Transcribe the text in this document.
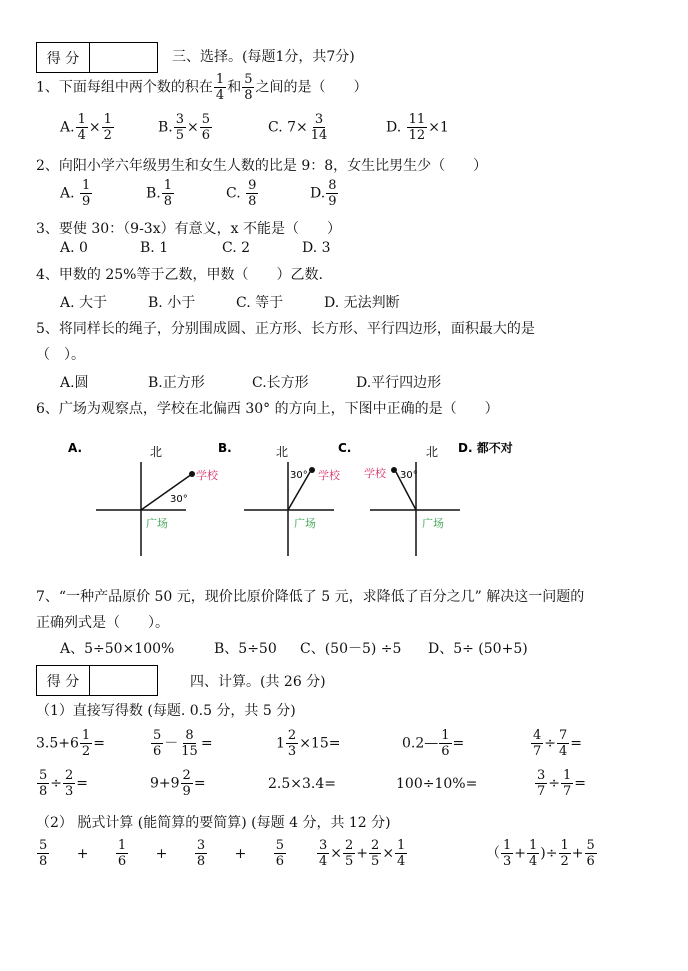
得 分	三、选择。(每题1分，共7分)
1、下面每组中两个数的积在 $\frac{1}{4}$ 和 $\frac{5}{8}$ 之间的是（　　）
A. $\frac{1}{4} \times \frac{1}{2}$	B. $\frac{3}{5} \times \frac{5}{6}$	C. $7\times \frac{3}{14}$	D. $\frac{11}{12} \times 1$
2、向阳小学六年级男生和女生人数的比是 9：8，女生比男生少（　　）
A. $\frac{1}{9}$	B. $\frac{1}{8}$	C. $\frac{9}{8}$	D. $\frac{8}{9}$
3、要使 30：（9-3x）有意义，x 不能是（　　）
A. 0	B. 1	C. 2	D. 3
4、甲数的 25%等于乙数，甲数（　　）乙数.
A. 大于	B. 小于	C. 等于	D. 无法判断
5、将同样长的绳子，分别围成圆、正方形、长方形、平行四边形，面积最大的是
（　）。
A.圆	B.正方形	C.长方形	D.平行四边形
6、广场为观察点，学校在北偏西 30° 的方向上，下图中正确的是（　　）
A.	北
学校
30°
广场
B.	北
学校
30°
广场
C.	北
学校 30°
广场
D. 都不对
7、“一种产品原价 50 元，现价比原价降低了 5 元，求降低了百分之几” 解决这一问题的
正确列式是（　　）。
A、5÷50×100%	B、5÷50 C、(50－5) ÷5 D、5÷ (50+5)
得 分	四、计算。(共 26 分)
（1）直接写得数 (每题. 0.5 分，共 5 分)
$3.5+6 \frac{1}{2}$ =	$\frac{5}{6} - \frac{8}{15}$ =	$1 \frac{2}{3} \times 15=$	0.2— $\frac{1}{6}$ =	$\frac{4}{7} \div \frac{7}{4}$ =
$\frac{5}{8} \div \frac{2}{3}$ =	$9+9 \frac{2}{9}$ =	2.5×3.4=	100÷10%=	$\frac{3}{7} \div \frac{1}{7}$ =
（2） 脱式计算 (能简算的要简算) (每题 4 分，共 12 分)
$\frac{5}{8} + \frac{1}{6} + \frac{3}{8} + \frac{5}{6} \frac{3}{4} \times \frac{2}{5} + \frac{2}{5} \times \frac{1}{4}$	（ $\frac{1}{3} + \frac{1}{4}$ )÷ $\frac{1}{2} + \frac{5}{6}$
